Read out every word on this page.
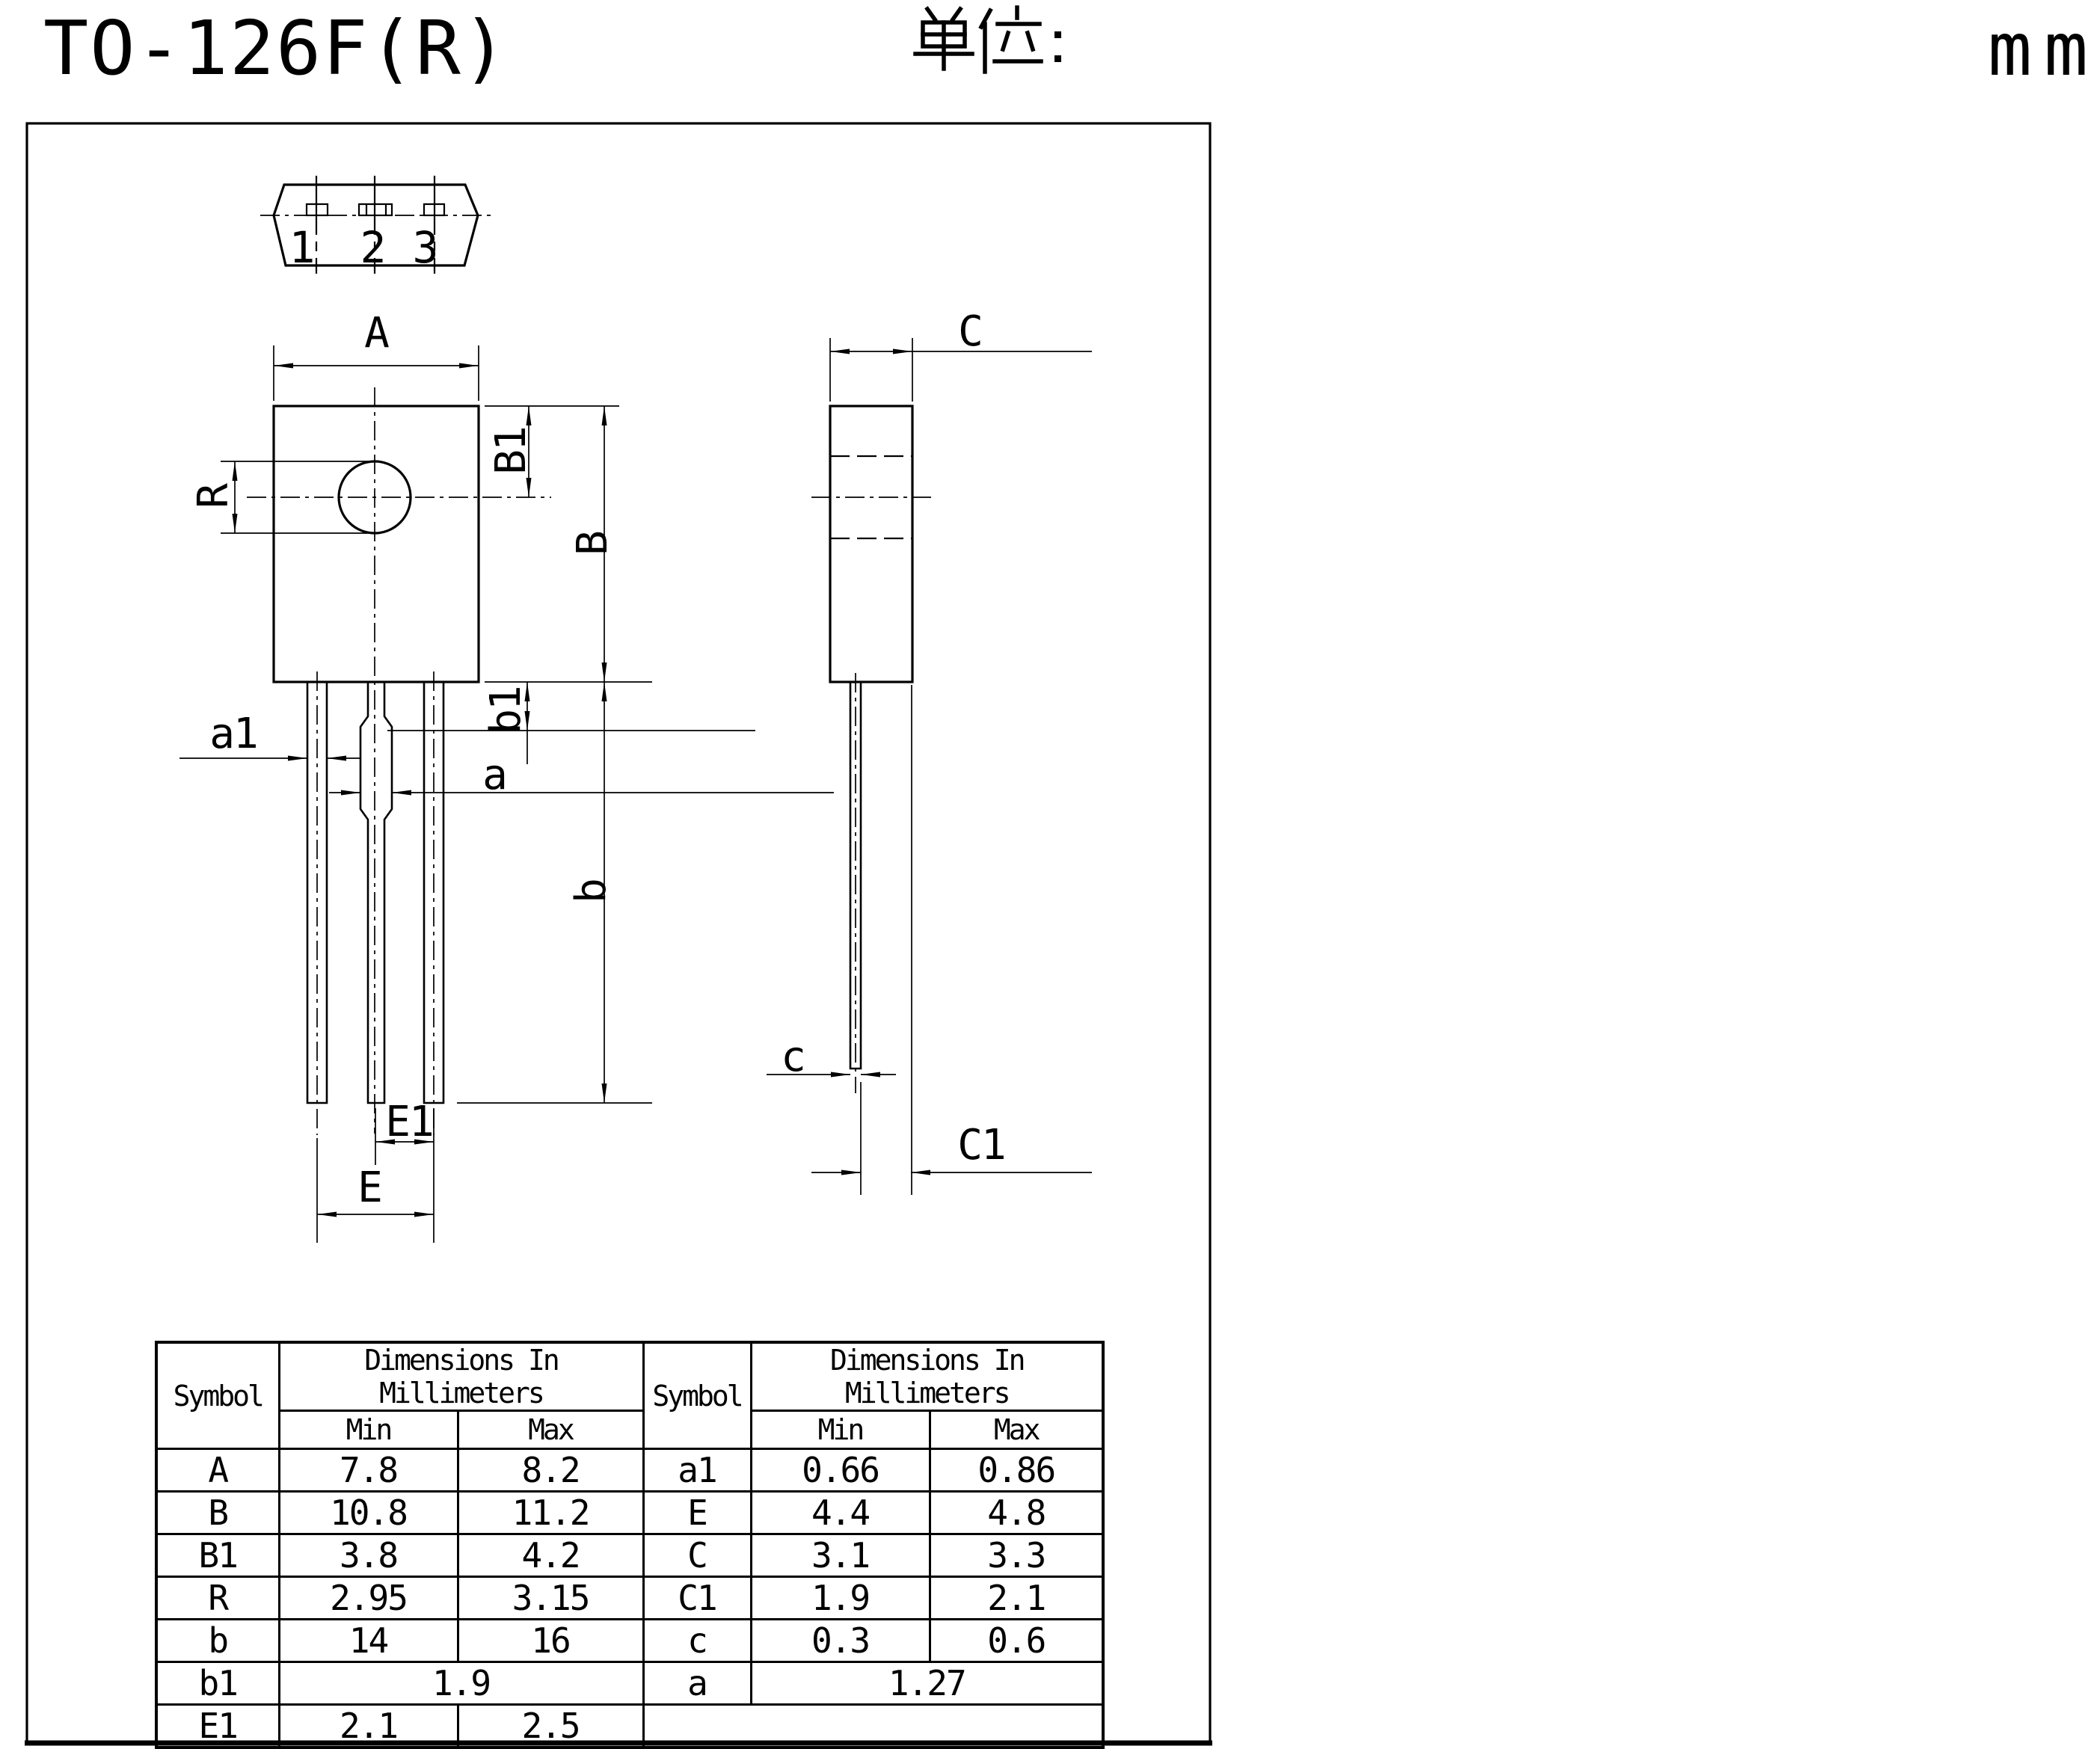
TO-126F(R)	mm
1 2 3
A
B1
B
R
a1
a
b1
b
E1
E
C
c
C1
Symbol	Dimensions In Millimeters		Symbol	Dimensions In Millimeters	
	Min	Max		Min	Max
A	7.8	8.2	a1	0.66	0.86
B	10.8	11.2	E	4.4	4.8
B1	3.8	4.2	C	3.1	3.3
R	2.95	3.15	C1	1.9	2.1
b	14	16	c	0.3	0.6
b1	1.9		a	1.27	
E1	2.1	2.5			
